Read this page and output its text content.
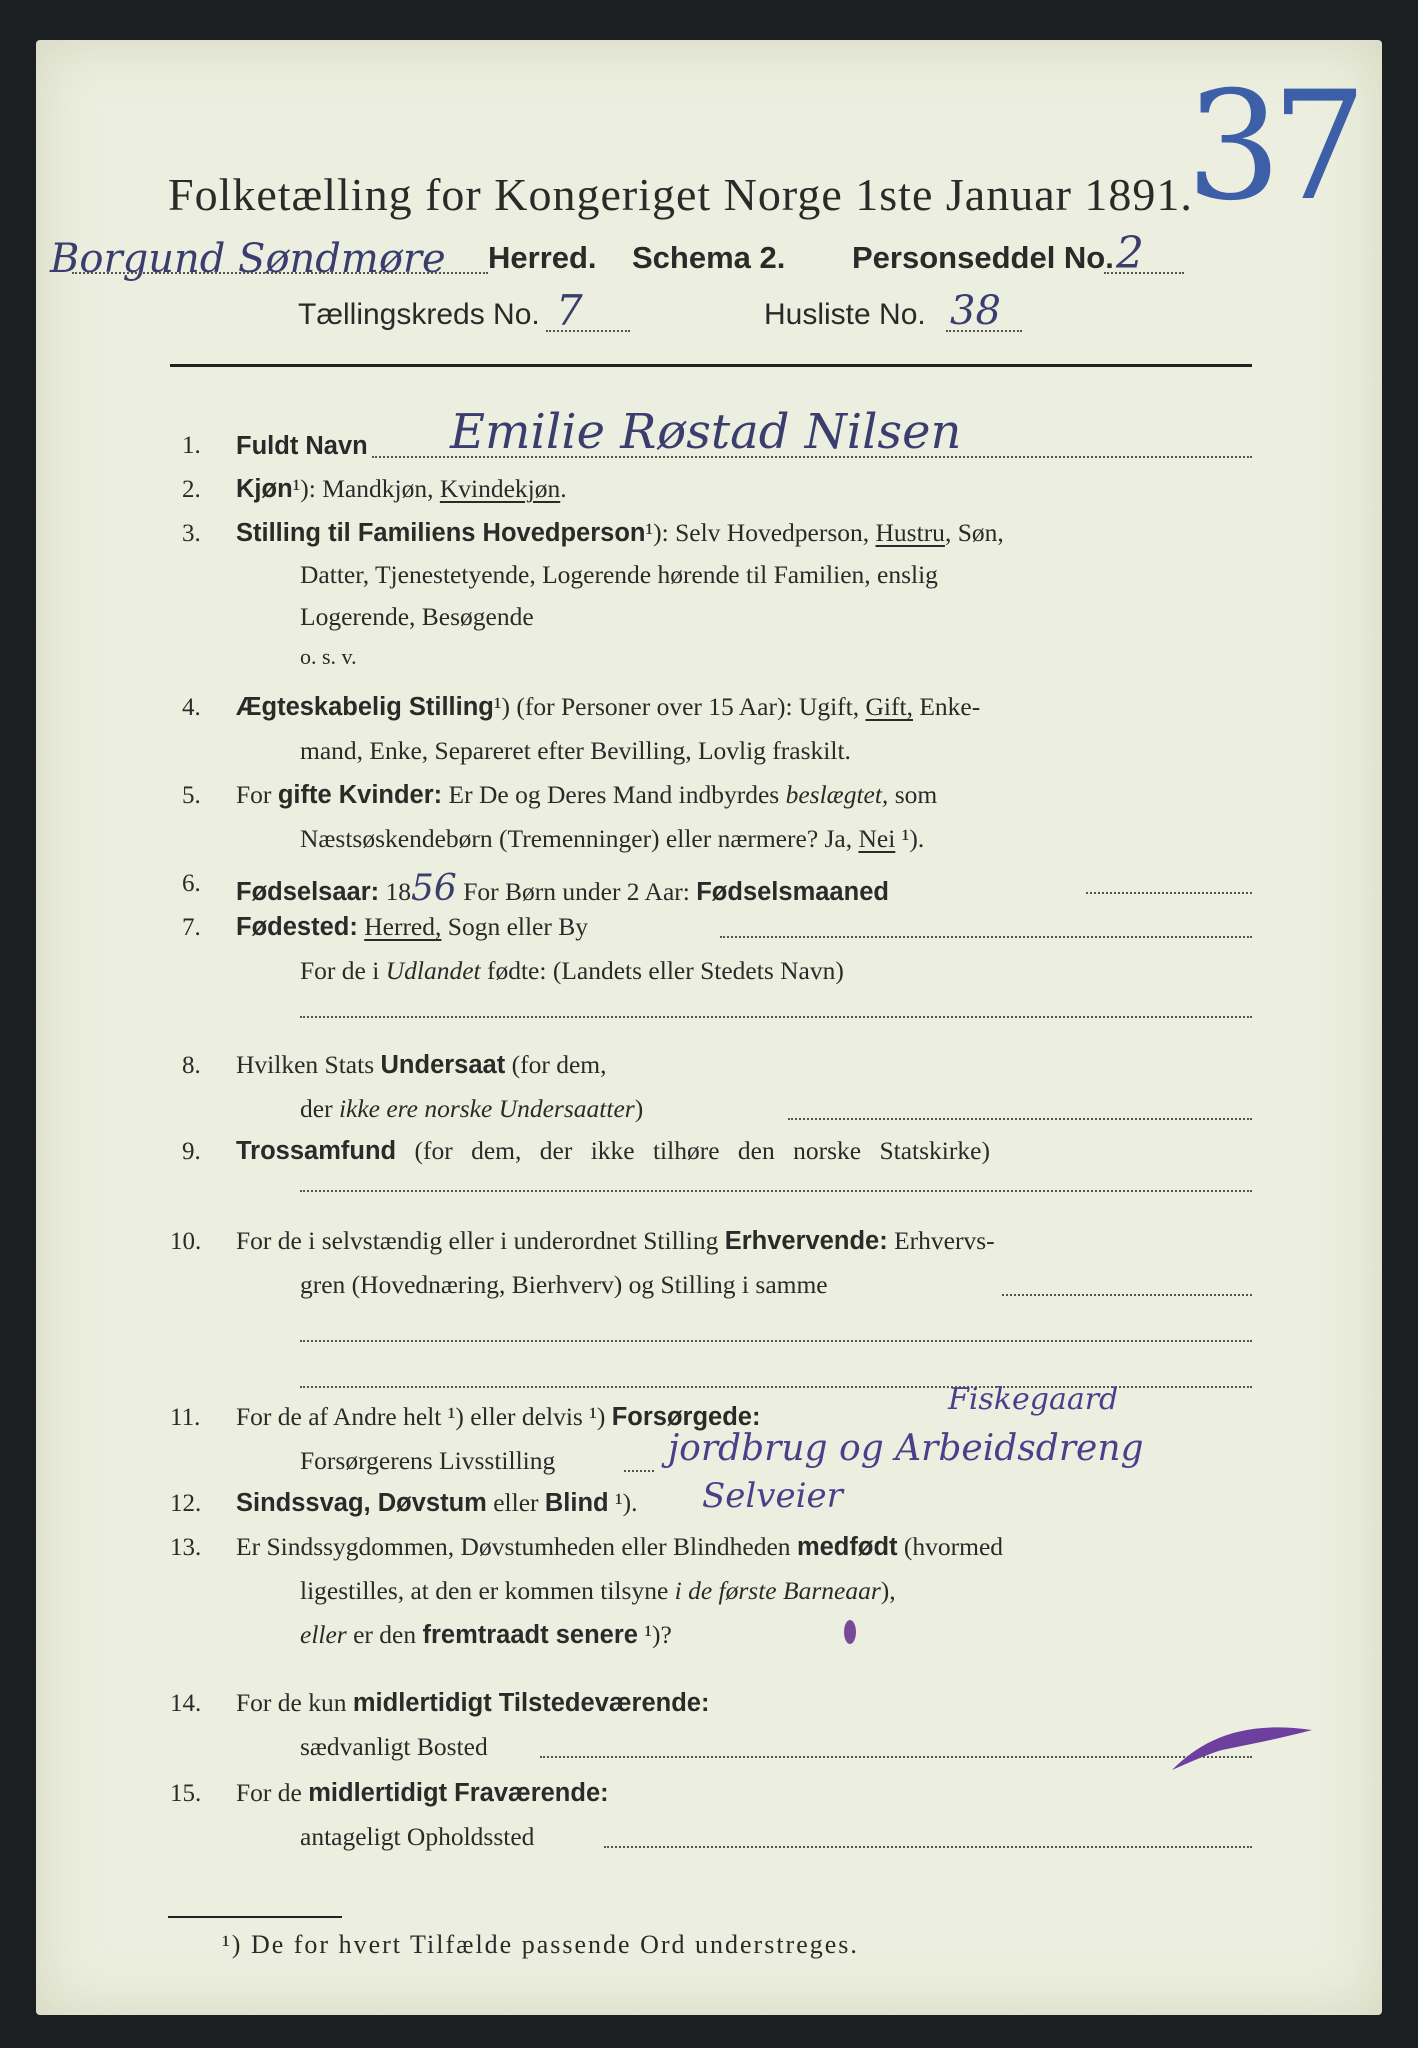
37
Folketælling for Kongeriget Norge 1ste Januar 1891.
Borgund Søndmøre Herred. Schema 2. Personseddel No. 2
Tællingskreds No. 7	Husliste No. 38
1. Fuldt Navn Emilie Røstad Nilsen
2. Kjøn¹): Mandkjøn, Kvindekjøn.
3. Stilling til Familiens Hovedperson¹): Selv Hovedperson, Hustru, Søn,
Datter, Tjenestetyende, Logerende hørende til Familien, enslig
Logerende, Besøgende
o. s. v.
4. Ægteskabelig Stilling¹) (for Personer over 15 Aar): Ugift, Gift, Enke-
mand, Enke, Separeret efter Bevilling, Lovlig fraskilt.
5. For gifte Kvinder: Er De og Deres Mand indbyrdes beslægtet, som
Næstsøskendebørn (Tremenninger) eller nærmere? Ja, Nei ¹).
6. Fødselsaar: 1856 For Børn under 2 Aar: Fødselsmaaned
7. Fødested: Herred, Sogn eller By
For de i Udlandet fødte: (Landets eller Stedets Navn)
8. Hvilken Stats Undersaat (for dem,
der ikke ere norske Undersaatter)
9. Trossamfund (for dem, der ikke tilhøre den norske Statskirke)
10. For de i selvstændig eller i underordnet Stilling Erhvervende: Erhvervs-
gren (Hovednæring, Bierhverv) og Stilling i samme
11. For de af Andre helt ¹) eller delvis ¹) Forsørgede:	Fiskegaard
Forsørgerens Livsstilling	jordbrug og Arbeidsdreng
12. Sindssvag, Døvstum eller Blind ¹). Selveier
13. Er Sindssygdommen, Døvstumheden eller Blindheden medfødt (hvormed
ligestilles, at den er kommen tilsyne i de første Barneaar),
eller er den fremtraadt senere ¹)?
14. For de kun midlertidigt Tilstedeværende:
sædvanligt Bosted
15. For de midlertidigt Fraværende:
antageligt Opholdssted
¹) De for hvert Tilfælde passende Ord understreges.
